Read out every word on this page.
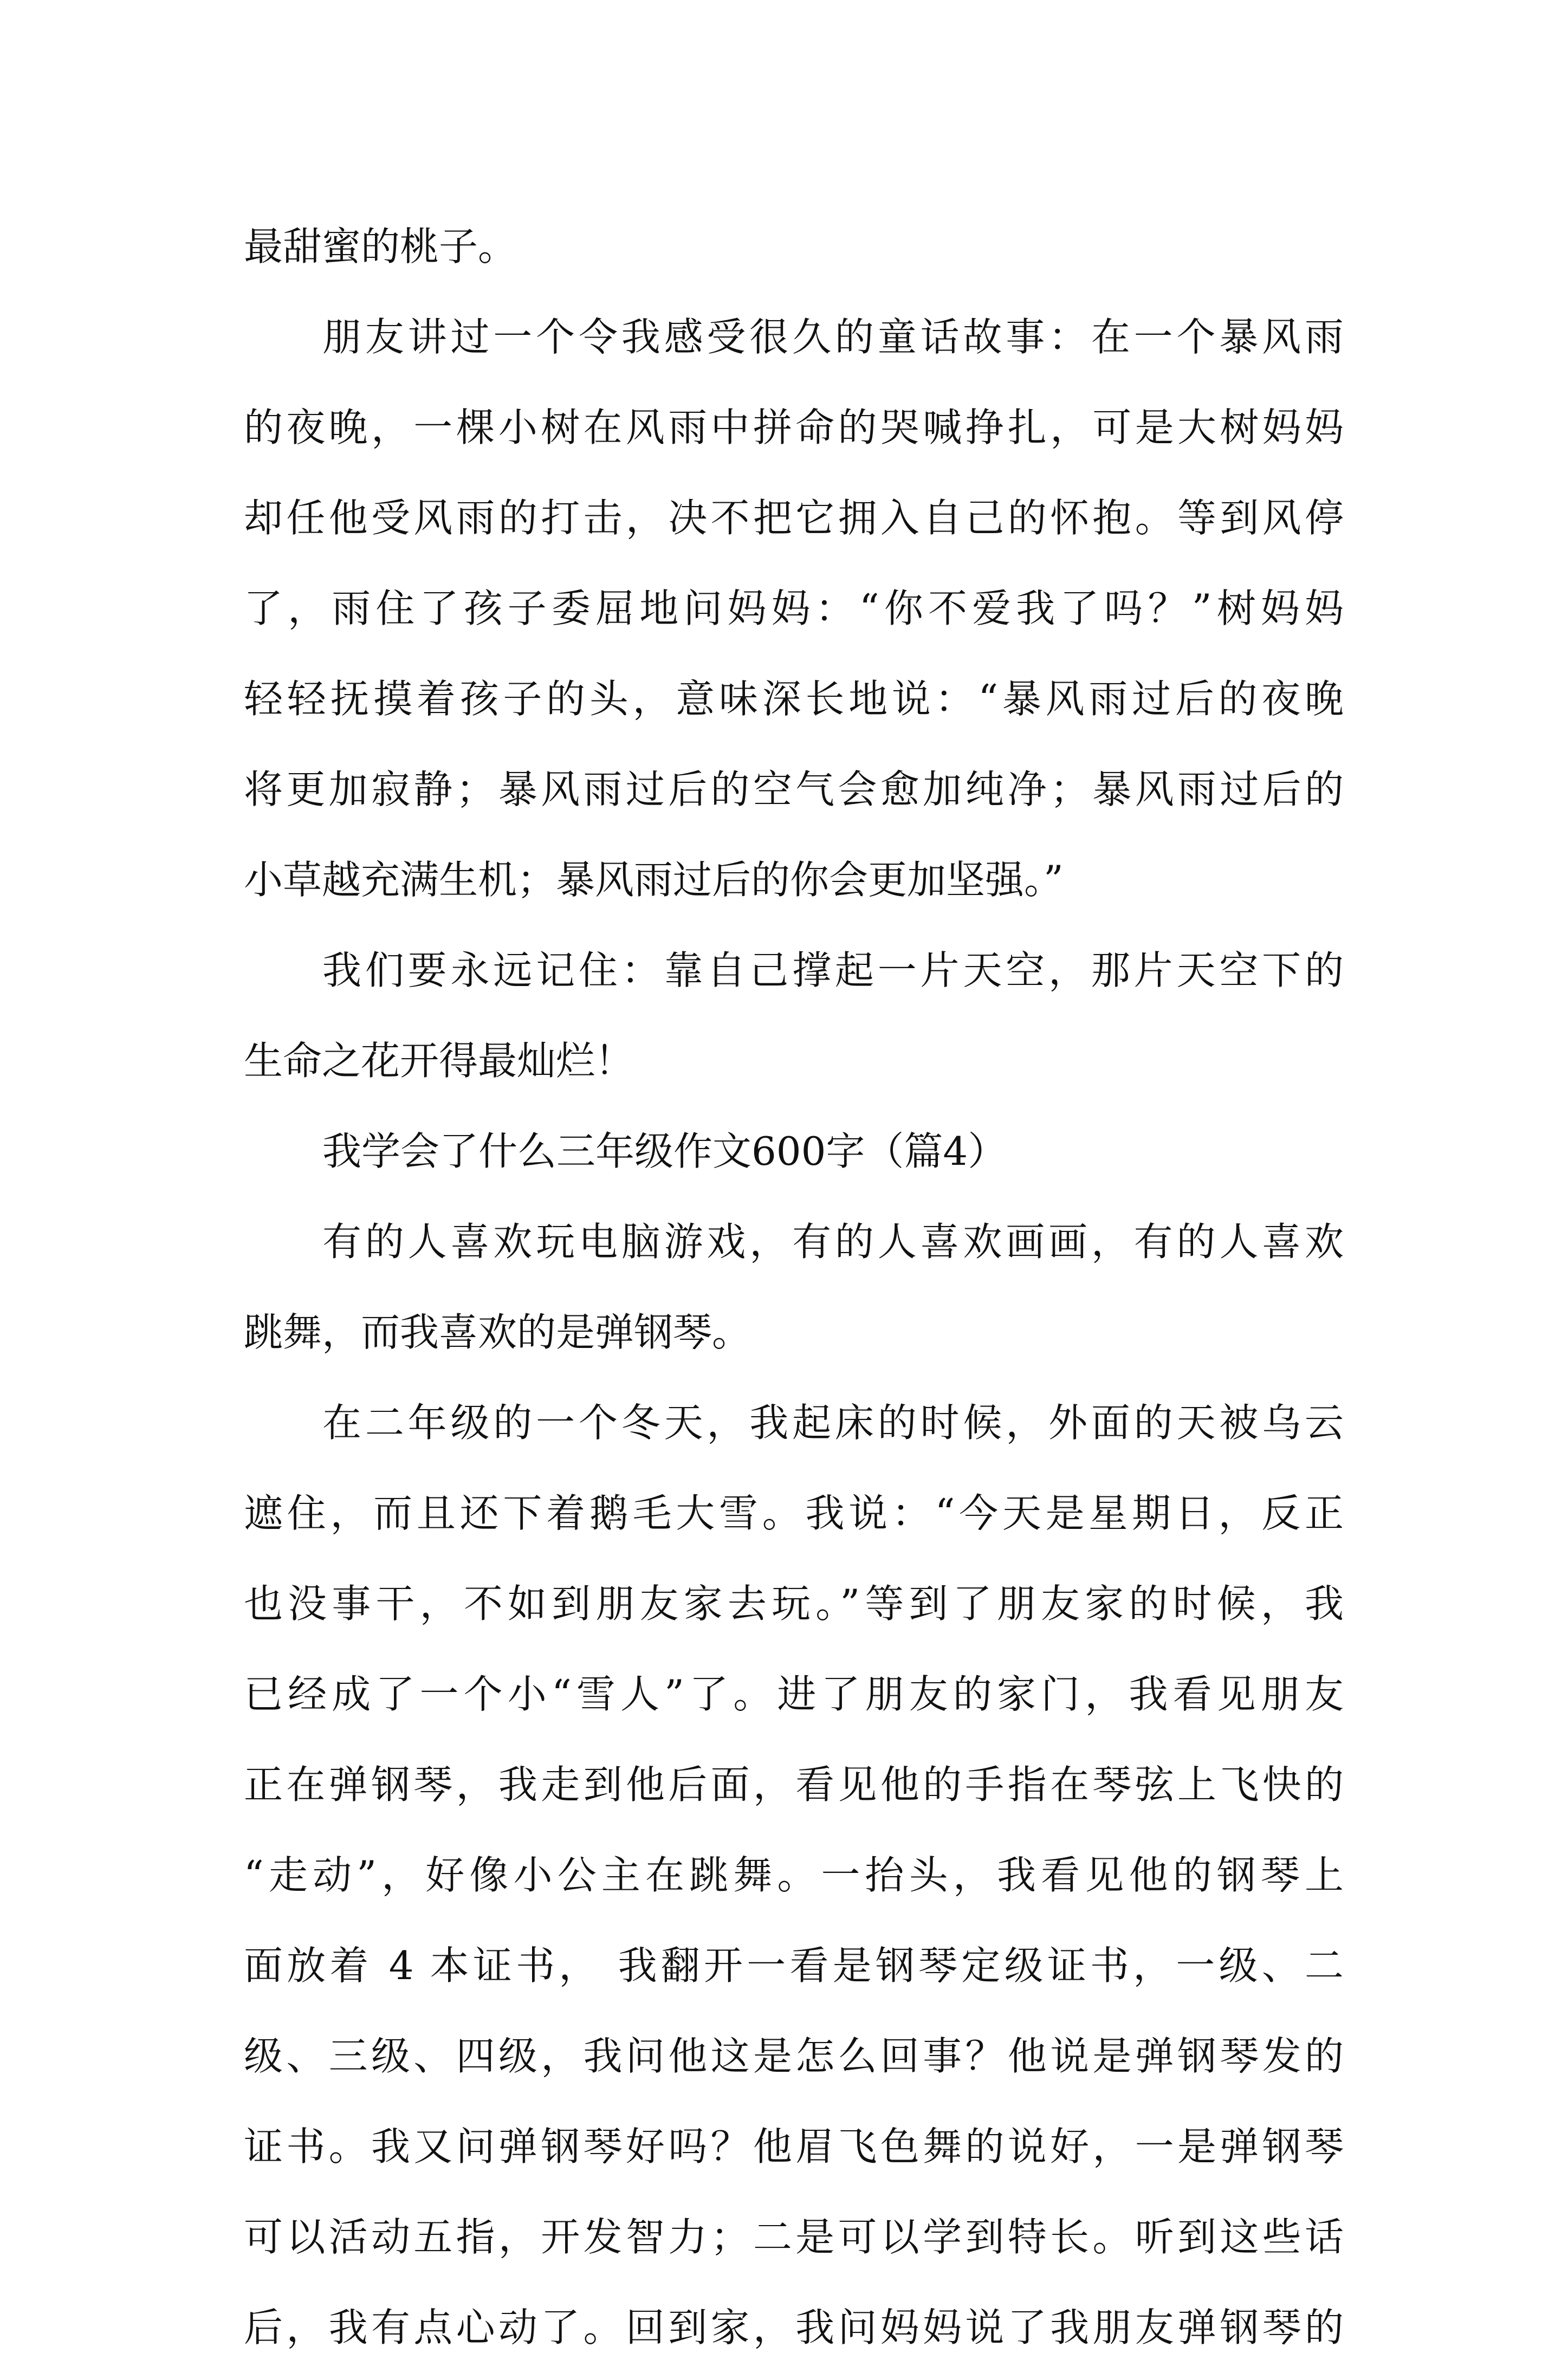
最甜蜜的桃子。
朋友讲过一个令我感受很久的童话故事：在一个暴风雨
的夜晚，一棵小树在风雨中拼命的哭喊挣扎，可是大树妈妈
却任他受风雨的打击，决不把它拥入自己的怀抱。等到风停
了，雨住了孩子委屈地问妈妈：“你不爱我了吗？”树妈妈
轻轻抚摸着孩子的头，意味深长地说：“暴风雨过后的夜晚
将更加寂静；暴风雨过后的空气会愈加纯净；暴风雨过后的
小草越充满生机；暴风雨过后的你会更加坚强。”
我们要永远记住：靠自己撑起一片天空，那片天空下的
生命之花开得最灿烂！
我学会了什么三年级作文600字（篇4）
有的人喜欢玩电脑游戏，有的人喜欢画画，有的人喜欢
跳舞，而我喜欢的是弹钢琴。
在二年级的一个冬天，我起床的时候，外面的天被乌云
遮住，而且还下着鹅毛大雪。我说：“今天是星期日，反正
也没事干，不如到朋友家去玩。”等到了朋友家的时候，我
已经成了一个小“雪人”了。进了朋友的家门，我看见朋友
正在弹钢琴，我走到他后面，看见他的手指在琴弦上飞快的
“走动”，好像小公主在跳舞。一抬头，我看见他的钢琴上
面放着 4 本证书， 我翻开一看是钢琴定级证书，一级、二
级、三级、四级，我问他这是怎么回事？他说是弹钢琴发的
证书。我又问弹钢琴好吗？他眉飞色舞的说好，一是弹钢琴
可以活动五指，开发智力；二是可以学到特长。听到这些话
后，我有点心动了。回到家，我问妈妈说了我朋友弹钢琴的
